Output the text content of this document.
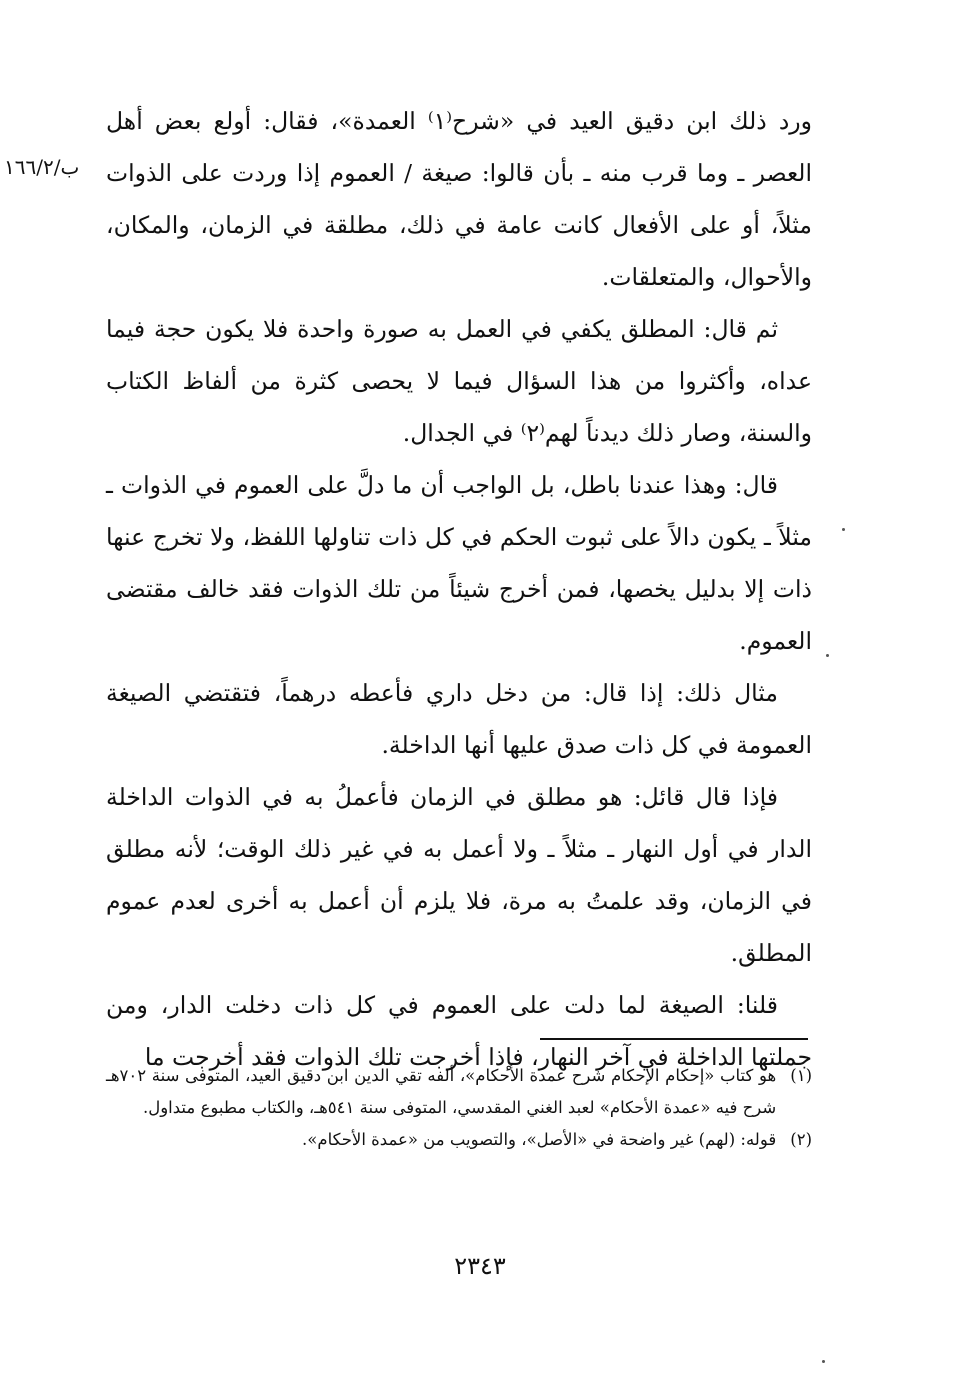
ب/١٦٦/٢

ورد ذلك ابن دقيق العيد في «شرح⁽١⁾ العمدة»، فقال: أولع بعض أهل العصر ـ وما قرب منه ـ بأن قالوا: صيغة / العموم إذا وردت على الذوات مثلاً، أو على الأفعال كانت عامة في ذلك، مطلقة في الزمان، والمكان، والأحوال، والمتعلقات.

ثم قال: المطلق يكفي في العمل به صورة واحدة فلا يكون حجة فيما عداه، وأكثروا من هذا السؤال فيما لا يحصى كثرة من ألفاظ الكتاب والسنة، وصار ذلك ديدناً لهم⁽٢⁾ في الجدال.

قال: وهذا عندنا باطل، بل الواجب أن ما دلَّ على العموم في الذوات ـ مثلاً ـ يكون دالاً على ثبوت الحكم في كل ذات تناولها اللفظ، ولا تخرج عنها ذات إلا بدليل يخصها، فمن أخرج شيئاً من تلك الذوات فقد خالف مقتضى العموم.

مثال ذلك: إذا قال: من دخل داري فأعطه درهماً، فتقتضي الصيغة العمومة في كل ذات صدق عليها أنها الداخلة.

فإذا قال قائل: هو مطلق في الزمان فأعملُ به في الذوات الداخلة الدار في أول النهار ـ مثلاً ـ ولا أعمل به في غير ذلك الوقت؛ لأنه مطلق في الزمان، وقد علمتُ به مرة، فلا يلزم أن أعمل به أخرى لعدم عموم المطلق.

قلنا: الصيغة لما دلت على العموم في كل ذات دخلت الدار، ومن جملتها الداخلة في آخر النهار، فإذا أخرجت تلك الذوات فقد أخرجت ما

(١)

هو كتاب «إحكام الإحكام شرح عمدة الأحكام»، ألفه تقي الدين ابن دقيق العيد، المتوفى سنة ٧٠٢هـ شرح فيه «عمدة الأحكام» لعبد الغني المقدسي، المتوفى سنة ٥٤١هـ، والكتاب مطبوع متداول.

(٢)

قوله: (لهم) غير واضحة في «الأصل»، والتصويب من «عمدة الأحكام».

٢٣٤٣
